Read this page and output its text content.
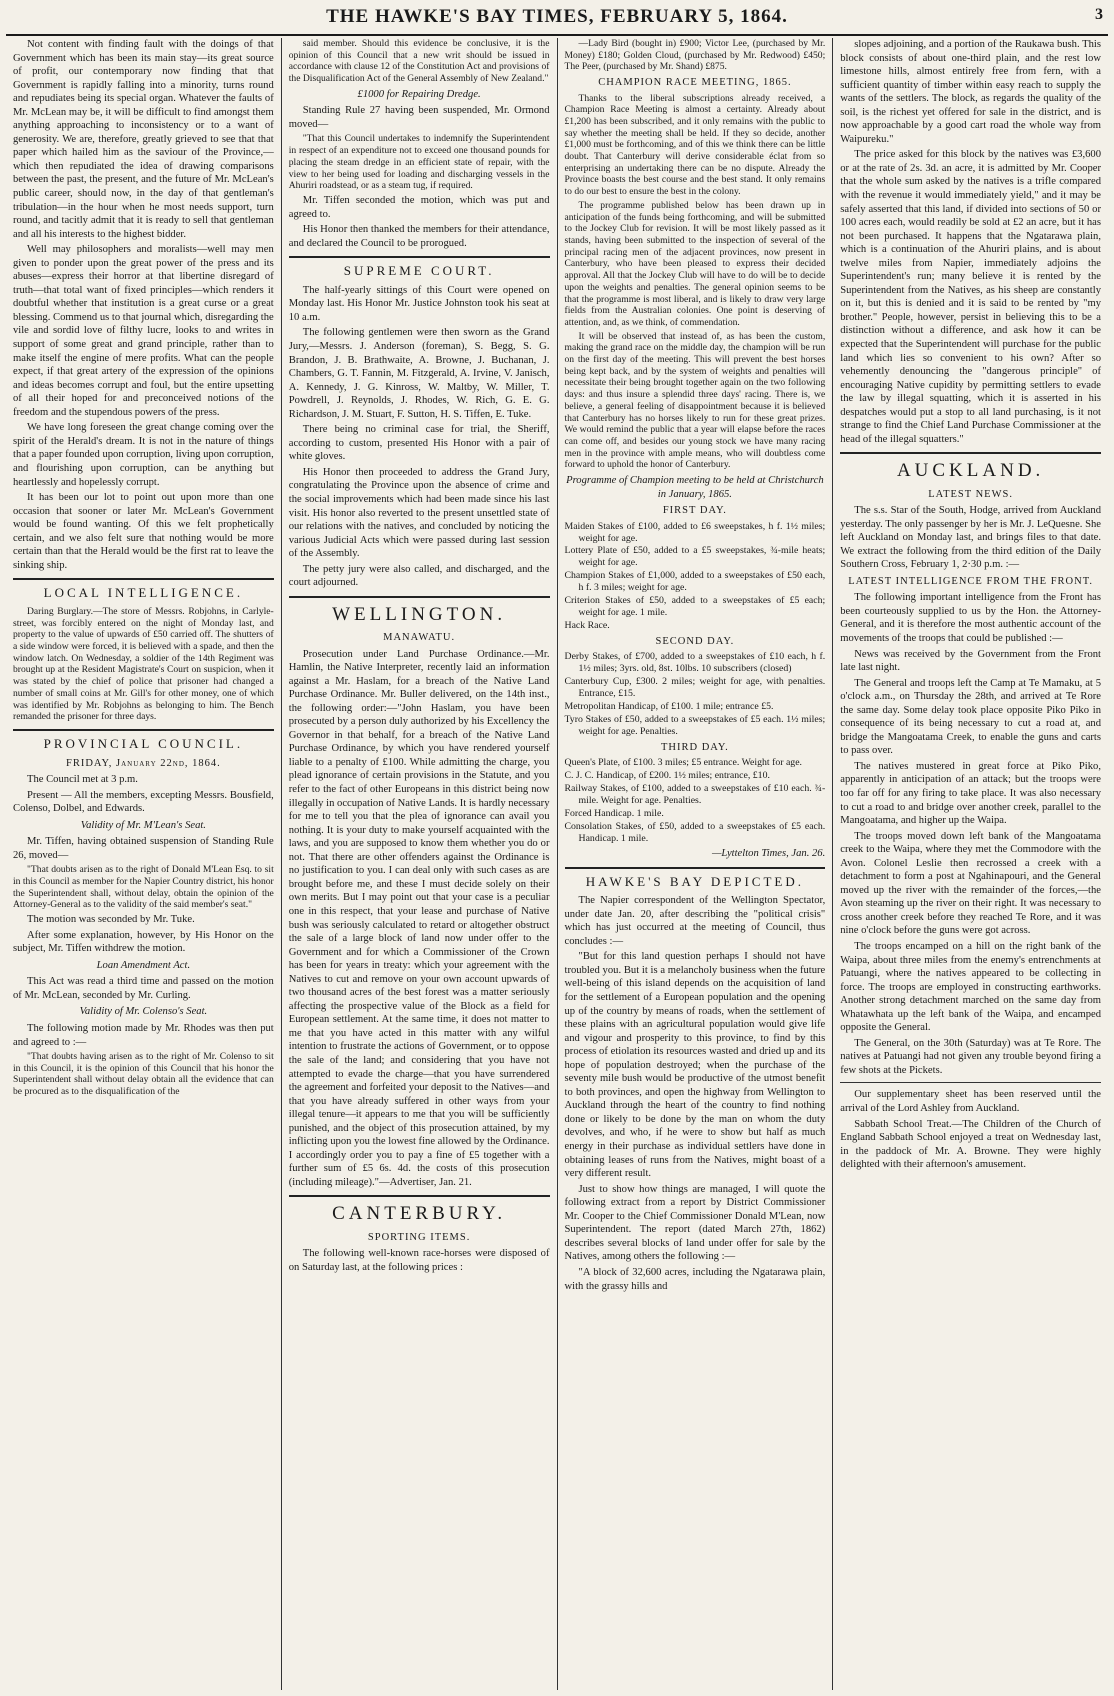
THE HAWKE'S BAY TIMES, FEBRUARY 5, 1864.	3

Not content with finding fault with the doings of that Government which has been its main stay—its great source of profit, our contemporary now finding that that Government is rapidly falling into a minority, turns round and repudiates being its special organ. Whatever the faults of Mr. McLean may be, it will be difficult to find amongst them anything approaching to inconsistency or to a want of generosity. We are, therefore, greatly grieved to see that that paper which hailed him as the saviour of the Province,—which then repudiated the idea of drawing comparisons between the past, the present, and the future of Mr. McLean's public career, should now, in the day of that gentleman's tribulation—in the hour when he most needs support, turn round, and tacitly admit that it is ready to sell that gentleman and all his interests to the highest bidder.

Well may philosophers and moralists—well may men given to ponder upon the great power of the press and its abuses—express their horror at that libertine disregard of truth—that total want of fixed principles—which renders it doubtful whether that institution is a great curse or a great blessing. Commend us to that journal which, disregarding the vile and sordid love of filthy lucre, looks to and writes in support of some great and grand principle, rather than to make itself the engine of mere profits. What can the people expect, if that great artery of the expression of the opinions and ideas becomes corrupt and foul, but the entire upsetting of all their hoped for and preconceived notions of the freedom and the stupendous powers of the press.

We have long foreseen the great change coming over the spirit of the Herald's dream. It is not in the nature of things that a paper founded upon corruption, living upon corruption, and flourishing upon corruption, can be anything but heartlessly and hopelessly corrupt.

It has been our lot to point out upon more than one occasion that sooner or later Mr. McLean's Government would be found wanting. Of this we felt prophetically certain, and we also felt sure that nothing would be more certain than that the Herald would be the first rat to leave the sinking ship.

LOCAL INTELLIGENCE.

Daring Burglary.—The store of Messrs. Robjohns, in Carlyle-street, was forcibly entered on the night of Monday last, and property to the value of upwards of £50 carried off. The shutters of a side window were forced, it is believed with a spade, and then the window latch. On Wednesday, a soldier of the 14th Regiment was brought up at the Resident Magistrate's Court on suspicion, when it was stated by the chief of police that prisoner had changed a number of small coins at Mr. Gill's for other money, one of which was identified by Mr. Robjohns as belonging to him. The Bench remanded the prisoner for three days.

PROVINCIAL COUNCIL.
FRIDAY, January 22nd, 1864.

The Council met at 3 p.m.

Present — All the members, excepting Messrs. Bousfield, Colenso, Dolbel, and Edwards.

Validity of Mr. M'Lean's Seat.

Mr. Tiffen, having obtained suspension of Standing Rule 26, moved—

"That doubts arisen as to the right of Donald M'Lean Esq. to sit in this Council as member for the Napier Country district, his honor the Superintendent shall, without delay, obtain the opinion of the Attorney-General as to the validity of the said member's seat."

The motion was seconded by Mr. Tuke.

After some explanation, however, by His Honor on the subject, Mr. Tiffen withdrew the motion.

Loan Amendment Act.

This Act was read a third time and passed on the motion of Mr. McLean, seconded by Mr. Curling.

Validity of Mr. Colenso's Seat.

The following motion made by Mr. Rhodes was then put and agreed to :—

"That doubts having arisen as to the right of Mr. Colenso to sit in this Council, it is the opinion of this Council that his honor the Superintendent shall without delay obtain all the evidence that can be procured as to the disqualification of the

said member. Should this evidence be conclusive, it is the opinion of this Council that a new writ should be issued in accordance with clause 12 of the Constitution Act and provisions of the Disqualification Act of the General Assembly of New Zealand."

£1000 for Repairing Dredge.

Standing Rule 27 having been suspended, Mr. Ormond moved—

"That this Council undertakes to indemnify the Superintendent in respect of an expenditure not to exceed one thousand pounds for placing the steam dredge in an efficient state of repair, with the view to her being used for loading and discharging vessels in the Ahuriri roadstead, or as a steam tug, if required.

Mr. Tiffen seconded the motion, which was put and agreed to.

His Honor then thanked the members for their attendance, and declared the Council to be prorogued.

SUPREME COURT.

The half-yearly sittings of this Court were opened on Monday last. His Honor Mr. Justice Johnston took his seat at 10 a.m.

The following gentlemen were then sworn as the Grand Jury,—Messrs. J. Anderson (foreman), S. Begg, S. G. Brandon, J. B. Brathwaite, A. Browne, J. Buchanan, J. Chambers, G. T. Fannin, M. Fitzgerald, A. Irvine, V. Janisch, A. Kennedy, J. G. Kinross, W. Maltby, W. Miller, T. Powdrell, J. Reynolds, J. Rhodes, W. Rich, G. E. G. Richardson, J. M. Stuart, F. Sutton, H. S. Tiffen, E. Tuke.

There being no criminal case for trial, the Sheriff, according to custom, presented His Honor with a pair of white gloves.

His Honor then proceeded to address the Grand Jury, congratulating the Province upon the absence of crime and the social improvements which had been made since his last visit. His honor also reverted to the present unsettled state of our relations with the natives, and concluded by noticing the various Judicial Acts which were passed during last session of the Assembly.

The petty jury were also called, and discharged, and the court adjourned.

WELLINGTON.
MANAWATU.

Prosecution under Land Purchase Ordinance.—Mr. Hamlin, the Native Interpreter, recently laid an information against a Mr. Haslam, for a breach of the Native Land Purchase Ordinance. Mr. Buller delivered, on the 14th inst., the following order:—"John Haslam, you have been prosecuted by a person duly authorized by his Excellency the Governor in that behalf, for a breach of the Native Land Purchase Ordinance, by which you have rendered yourself liable to a penalty of £100. While admitting the charge, you plead ignorance of certain provisions in the Statute, and you refer to the fact of other Europeans in this district being now illegally in occupation of Native Lands. It is hardly necessary for me to tell you that the plea of ignorance can avail you nothing. It is your duty to make yourself acquainted with the laws, and you are supposed to know them whether you do or not. That there are other offenders against the Ordinance is no justification to you. I can deal only with such cases as are brought before me, and these I must decide solely on their own merits. But I may point out that your case is a peculiar one in this respect, that your lease and purchase of Native bush was seriously calculated to retard or altogether obstruct the sale of a large block of land now under offer to the Government and for which a Commissioner of the Crown has been for years in treaty: which your agreement with the Natives to cut and remove on your own account upwards of two thousand acres of the best forest was a matter seriously affecting the prospective value of the Block as a field for European settlement. At the same time, it does not matter to me that you have acted in this matter with any wilful intention to frustrate the actions of Government, or to oppose the sale of the land; and considering that you have not attempted to evade the charge—that you have surrendered the agreement and forfeited your deposit to the Natives—and that you have already suffered in other ways from your illegal tenure—it appears to me that you will be sufficiently punished, and the object of this prosecution attained, by my inflicting upon you the lowest fine allowed by the Ordinance. I accordingly order you to pay a fine of £5 together with a further sum of £5 6s. 4d. the costs of this prosecution (including mileage)."—Advertiser, Jan. 21.

CANTERBURY.
SPORTING ITEMS.

The following well-known race-horses were disposed of on Saturday last, at the following prices :

—Lady Bird (bought in) £900; Victor Lee, (purchased by Mr. Money) £180; Golden Cloud, (purchased by Mr. Redwood) £450; The Peer, (purchased by Mr. Shand) £875.

CHAMPION RACE MEETING, 1865.

Thanks to the liberal subscriptions already received, a Champion Race Meeting is almost a certainty. Already about £1,200 has been subscribed, and it only remains with the public to say whether the meeting shall be held. If they so decide, another £1,000 must be forthcoming, and of this we think there can be little doubt. That Canterbury will derive considerable éclat from so enterprising an undertaking there can be no dispute. Already the Province boasts the best course and the best stand. It only remains to do our best to ensure the best in the colony.

The programme published below has been drawn up in anticipation of the funds being forthcoming, and will be submitted to the Jockey Club for revision. It will be most likely passed as it stands, having been submitted to the inspection of several of the principal racing men of the adjacent provinces, now present in Canterbury, who have been pleased to express their decided approval. All that the Jockey Club will have to do will be to decide upon the weights and penalties. The general opinion seems to be that the programme is most liberal, and is likely to draw very large fields from the Australian colonies. One point is deserving of attention, and, as we think, of commendation.

It will be observed that instead of, as has been the custom, making the grand race on the middle day, the champion will be run on the first day of the meeting. This will prevent the best horses being kept back, and by the system of weights and penalties will necessitate their being brought together again on the two following days: and thus insure a splendid three days' racing. There is, we believe, a general feeling of disappointment because it is believed that Canterbury has no horses likely to run for these great prizes. We would remind the public that a year will elapse before the races can come off, and besides our young stock we have many racing men in the province with ample means, who will doubtless come forward to uphold the honor of Canterbury.

Programme of Champion meeting to be held at Christchurch in January, 1865.
FIRST DAY.
Maiden Stakes of £100, added to £6 sweepstakes, h f. 1½ miles; weight for age.
Lottery Plate of £50, added to a £5 sweepstakes, ¾-mile heats; weight for age.
Champion Stakes of £1,000, added to a sweepstakes of £50 each, h f. 3 miles; weight for age.
Criterion Stakes of £50, added to a sweepstakes of £5 each; weight for age. 1 mile.
Hack Race.
SECOND DAY.
Derby Stakes, of £700, added to a sweepstakes of £10 each, h f. 1½ miles; 3yrs. old, 8st. 10lbs. 10 subscribers (closed)
Canterbury Cup, £300. 2 miles; weight for age, with penalties. Entrance, £15.
Metropolitan Handicap, of £100. 1 mile; entrance £5.
Tyro Stakes of £50, added to a sweepstakes of £5 each. 1½ miles; weight for age. Penalties.
THIRD DAY.
Queen's Plate, of £100. 3 miles; £5 entrance. Weight for age.
C. J. C. Handicap, of £200. 1½ miles; entrance, £10.
Railway Stakes, of £100, added to a sweepstakes of £10 each. ¾-mile. Weight for age. Penalties.
Forced Handicap. 1 mile.
Consolation Stakes, of £50, added to a sweepstakes of £5 each. Handicap. 1 mile.
—Lyttelton Times, Jan. 26.
HAWKE'S BAY DEPICTED.

The Napier correspondent of the Wellington Spectator, under date Jan. 20, after describing the "political crisis" which has just occurred at the meeting of Council, thus concludes :—

"But for this land question perhaps I should not have troubled you. But it is a melancholy business when the future well-being of this island depends on the acquisition of land for the settlement of a European population and the opening up of the country by means of roads, when the settlement of these plains with an agricultural population would give life and vigour and prosperity to this province, to find by this process of etiolation its resources wasted and dried up and its hope of population destroyed; when the purchase of the seventy mile bush would be productive of the utmost benefit to both provinces, and open the highway from Wellington to Auckland through the heart of the country to find nothing done or likely to be done by the man on whom the duty devolves, and who, if he were to show but half as much energy in their purchase as individual settlers have done in obtaining leases of runs from the Natives, might boast of a very different result.

Just to show how things are managed, I will quote the following extract from a report by District Commissioner Mr. Cooper to the Chief Commissioner Donald M'Lean, now Superintendent. The report (dated March 27th, 1862) describes several blocks of land under offer for sale by the Natives, among others the following :—

"A block of 32,600 acres, including the Ngatarawa plain, with the grassy hills and

slopes adjoining, and a portion of the Raukawa bush. This block consists of about one-third plain, and the rest low limestone hills, almost entirely free from fern, with a sufficient quantity of timber within easy reach to supply the wants of the settlers. The block, as regards the quality of the soil, is the richest yet offered for sale in the district, and is now approachable by a good cart road the whole way from Waipureku."

The price asked for this block by the natives was £3,600 or at the rate of 2s. 3d. an acre, it is admitted by Mr. Cooper that the whole sum asked by the natives is a trifle compared with the revenue it would immediately yield," and it may be safely asserted that this land, if divided into sections of 50 or 100 acres each, would readily be sold at £2 an acre, but it has not been purchased. It happens that the Ngatarawa plain, which is a continuation of the Ahuriri plains, and is about twelve miles from Napier, immediately adjoins the Superintendent's run; many believe it is rented by the Superintendent from the Natives, as his sheep are constantly on it, but this is denied and it is said to be rented by "my brother." People, however, persist in believing this to be a distinction without a difference, and ask how it can be expected that the Superintendent will purchase for the public land which lies so convenient to his own? After so vehemently denouncing the "dangerous principle" of encouraging Native cupidity by permitting settlers to evade the law by illegal squatting, which it is asserted in his despatches would put a stop to all land purchasing, is it not strange to find the Chief Land Purchase Commissioner at the head of the illegal squatters."

AUCKLAND.
LATEST NEWS.

The s.s. Star of the South, Hodge, arrived from Auckland yesterday. The only passenger by her is Mr. J. LeQuesne. She left Auckland on Monday last, and brings files to that date. We extract the following from the third edition of the Daily Southern Cross, February 1, 2·30 p.m. :—

LATEST INTELLIGENCE FROM THE FRONT.

The following important intelligence from the Front has been courteously supplied to us by the Hon. the Attorney-General, and it is therefore the most authentic account of the movements of the troops that could be published :—

News was received by the Government from the Front late last night.

The General and troops left the Camp at Te Mamaku, at 5 o'clock a.m., on Thursday the 28th, and arrived at Te Rore the same day. Some delay took place opposite Piko Piko in consequence of its being necessary to cut a road at, and bridge the Mangoatama Creek, to enable the guns and carts to pass over.

The natives mustered in great force at Piko Piko, apparently in anticipation of an attack; but the troops were too far off for any firing to take place. It was also necessary to cut a road to and bridge over another creek, parallel to the Mangoatama, and higher up the Waipa.

The troops moved down left bank of the Mangoatama creek to the Waipa, where they met the Commodore with the Avon. Colonel Leslie then recrossed a creek with a detachment to form a post at Ngahinapouri, and the General moved up the river with the remainder of the forces,—the Avon steaming up the river on their right. It was necessary to cross another creek before they reached Te Rore, and it was nine o'clock before the guns were got across.

The troops encamped on a hill on the right bank of the Waipa, about three miles from the enemy's entrenchments at Patuangi, where the natives appeared to be collecting in force. The troops are employed in constructing earthworks. Another strong detachment marched on the same day from Whatawhata up the left bank of the Waipa, and encamped opposite the General.

The General, on the 30th (Saturday) was at Te Rore. The natives at Patuangi had not given any trouble beyond firing a few shots at the Pickets.

Our supplementary sheet has been reserved until the arrival of the Lord Ashley from Auckland.

Sabbath School Treat.—The Children of the Church of England Sabbath School enjoyed a treat on Wednesday last, in the paddock of Mr. A. Browne. They were highly delighted with their afternoon's amusement.
